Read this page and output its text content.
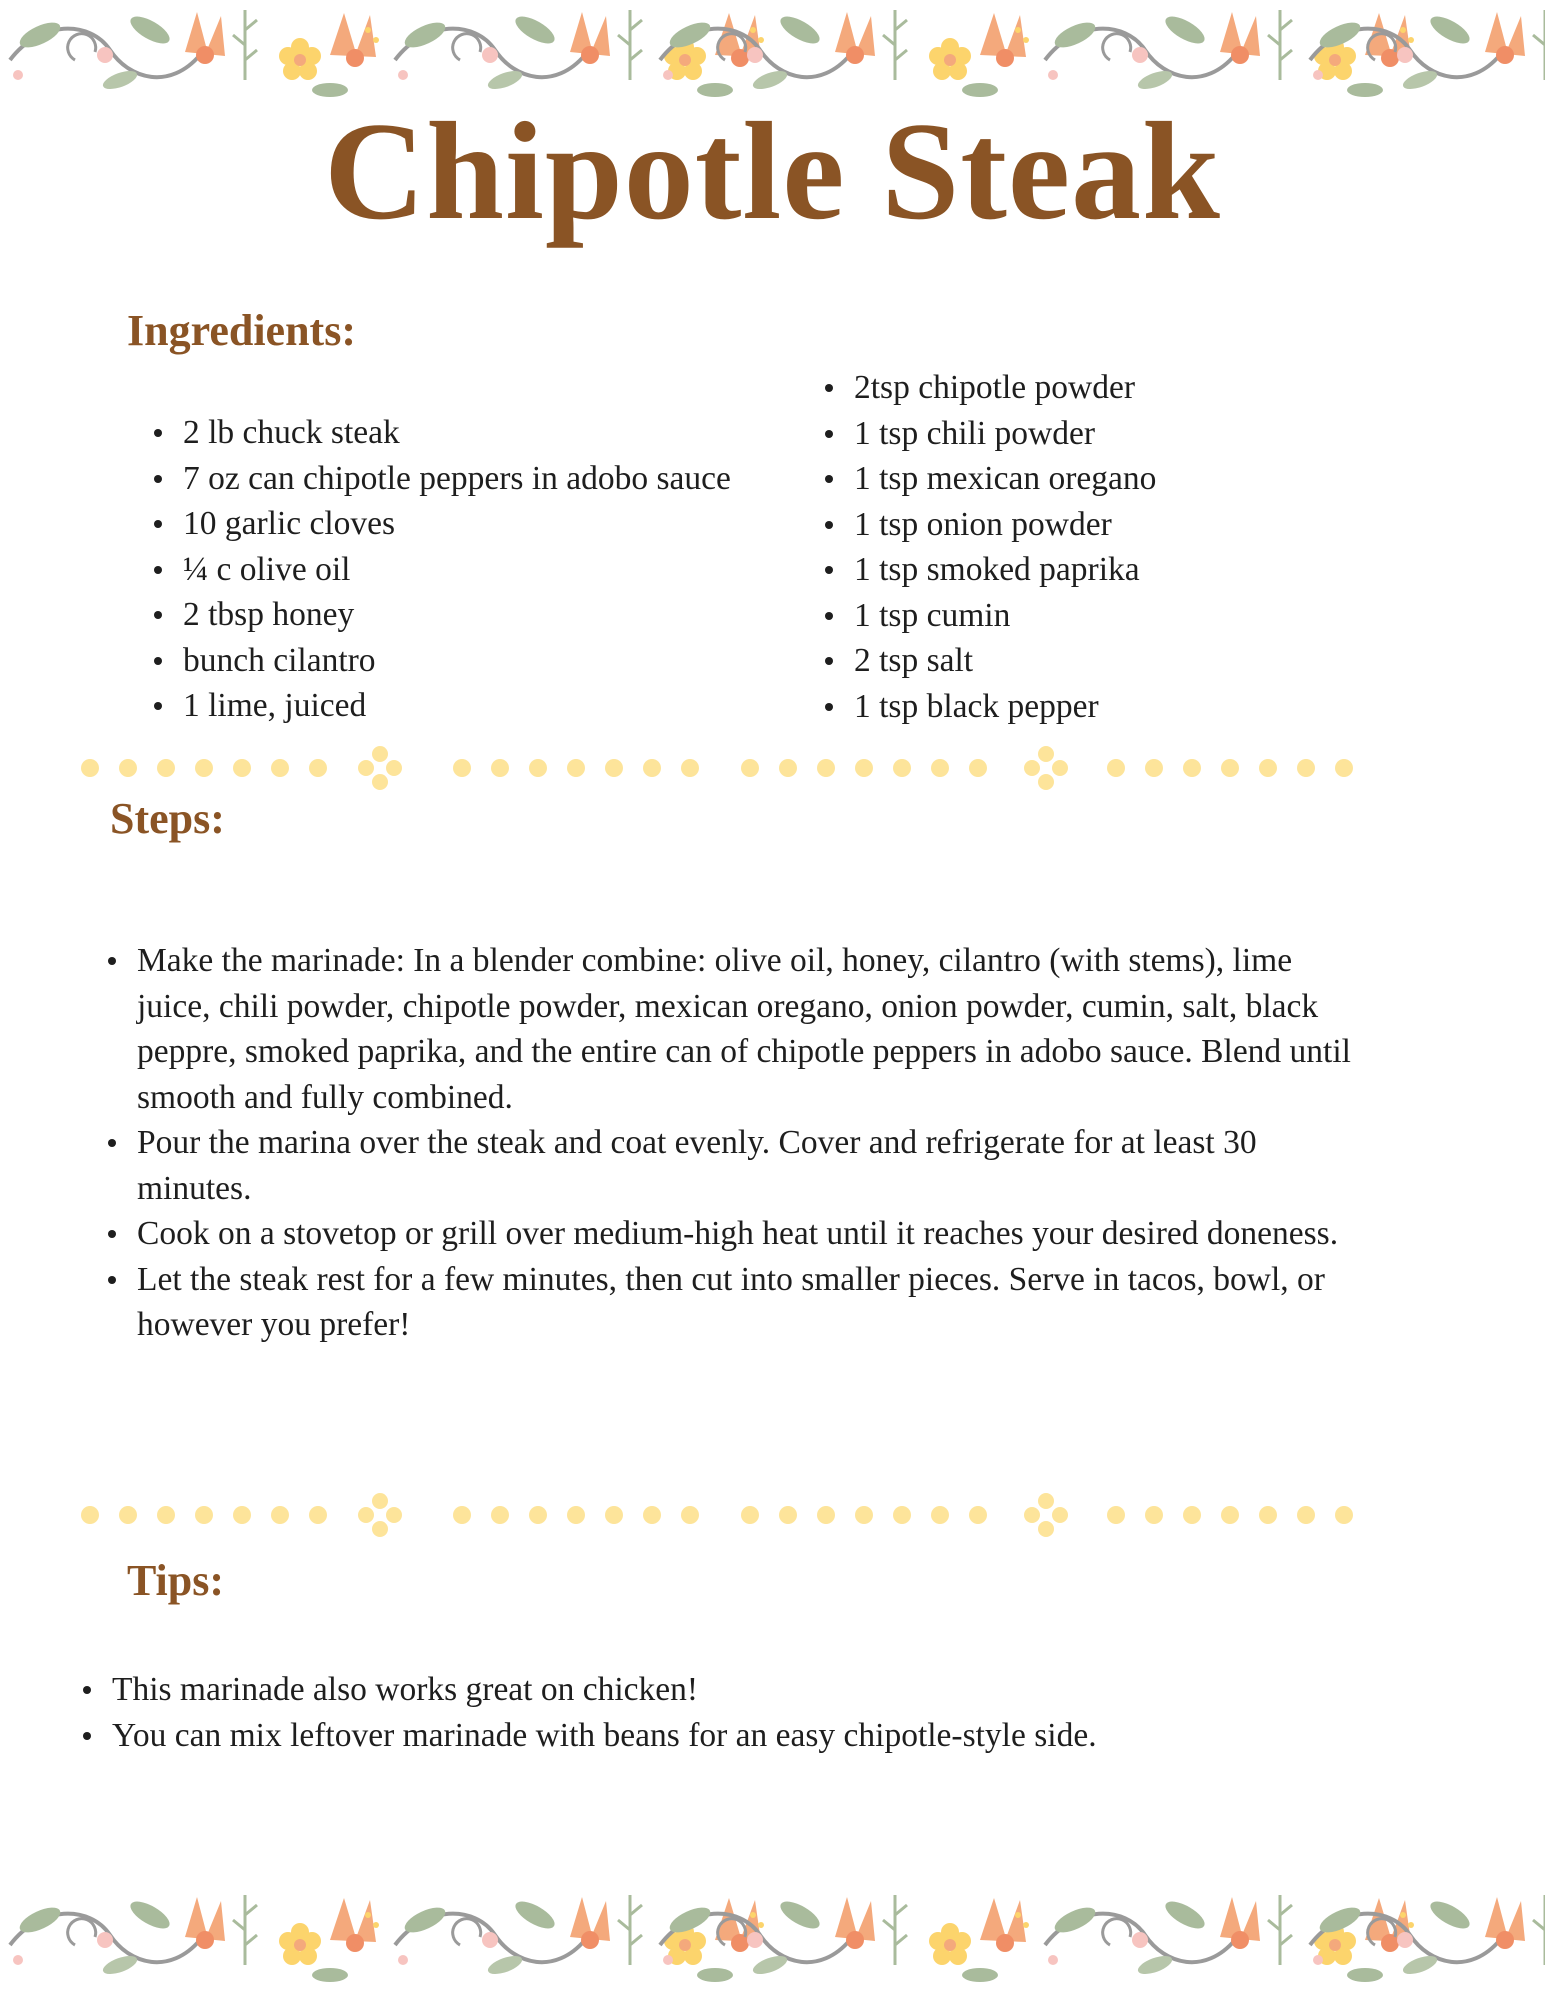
Chipotle Steak
Ingredients:
2 lb chuck steak
7 oz can chipotle peppers in adobo sauce
10 garlic cloves
¼ c olive oil
2 tbsp honey
bunch cilantro
1 lime, juiced
2tsp chipotle powder
1 tsp chili powder
1 tsp mexican oregano
1 tsp onion powder
1 tsp smoked paprika
1 tsp cumin
2 tsp salt
1 tsp black pepper
Steps:
Make the marinade: In a blender combine: olive oil, honey, cilantro (with stems), lime juice, chili powder, chipotle powder, mexican oregano, onion powder, cumin, salt, black peppre, smoked paprika, and the entire can of chipotle peppers in adobo sauce. Blend until smooth and fully combined.
Pour the marina over the steak and coat evenly. Cover and refrigerate for at least 30 minutes.
Cook on a stovetop or grill over medium-high heat until it reaches your desired doneness.
Let the steak rest for a few minutes, then cut into smaller pieces. Serve in tacos, bowl, or however you prefer!
Tips:
This marinade also works great on chicken!
You can mix leftover marinade with beans for an easy chipotle-style side.
